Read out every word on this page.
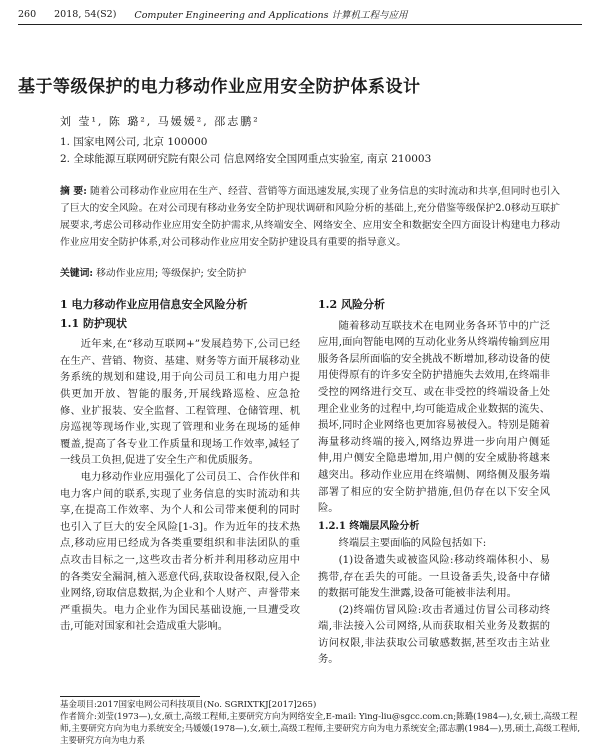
260 2018, 54(S2) Computer Engineering and Applications 计算机工程与应用
基于等级保护的电力移动作业应用安全防护体系设计
刘 莹¹, 陈 璐², 马媛媛², 邵志鹏²
1. 国家电网公司, 北京 100000
2. 全球能源互联网研究院有限公司 信息网络安全国网重点实验室, 南京 210003
摘 要: 随着公司移动作业应用在生产、经营、营销等方面迅速发展,实现了业务信息的实时流动和共享,但同时也引入了巨大的安全风险。在对公司现有移动业务安全防护现状调研和风险分析的基础上,充分借鉴等级保护2.0移动互联扩展要求,考虑公司移动作业应用安全防护需求,从终端安全、网络安全、应用安全和数据安全四方面设计构建电力移动作业应用安全防护体系,对公司移动作业应用安全防护建设具有重要的指导意义。
关键词: 移动作业应用; 等级保护; 安全防护
1 电力移动作业应用信息安全风险分析
1.1 防护现状

近年来,在“移动互联网+”发展趋势下,公司已经在生产、营销、物资、基建、财务等方面开展移动业务系统的规划和建设,用于向公司员工和电力用户提供更加开放、智能的服务,开展线路巡检、应急抢修、业扩报装、安全监督、工程管理、仓储管理、机房巡视等现场作业,实现了管理和业务在现场的延伸覆盖,提高了各专业工作质量和现场工作效率,减轻了一线员工负担,促进了安全生产和优质服务。

电力移动作业应用强化了公司员工、合作伙伴和电力客户间的联系,实现了业务信息的实时流动和共享,在提高工作效率、为个人和公司带来便利的同时也引入了巨大的安全风险[1-3]。作为近年的技术热点,移动应用已经成为各类重要组织和非法团队的重点攻击目标之一,这些攻击者分析并利用移动应用中的各类安全漏洞,植入恶意代码,获取设备权限,侵入企业网络,窃取信息数据,为企业和个人财产、声誉带来严重损失。电力企业作为国民基础设施,一旦遭受攻击,可能对国家和社会造成重大影响。

1.2 风险分析

随着移动互联技术在电网业务各环节中的广泛应用,面向智能电网的互动化业务从终端传输到应用服务各层所面临的安全挑战不断增加,移动设备的使用使得原有的许多安全防护措施失去效用,在终端非受控的网络进行交互、或在非受控的终端设备上处理企业业务的过程中,均可能造成企业数据的流失、损坏,同时企业网络也更加容易被侵入。特别是随着海量移动终端的接入,网络边界进一步向用户侧延伸,用户侧安全隐患增加,用户侧的安全威胁将越来越突出。移动作业应用在终端侧、网络侧及服务端部署了相应的安全防护措施,但仍存在以下安全风险。

1.2.1 终端层风险分析

终端层主要面临的风险包括如下:

(1)设备遗失或被盗风险:移动终端体积小、易携带,存在丢失的可能。一旦设备丢失,设备中存储的数据可能发生泄露,设备可能被非法利用。

(2)终端仿冒风险:攻击者通过仿冒公司移动终端,非法接入公司网络,从而获取相关业务及数据的访问权限,非法获取公司敏感数据,甚至攻击主站业务。

基金项目:2017国家电网公司科技项目(No. SGRIXTKJ[2017]265)
作者简介:刘莹(1973—),女,硕士,高级工程师,主要研究方向为网络安全,E-mail: Ying-liu@sgcc.com.cn;陈璐(1984—),女,硕士,高级工程师,主要研究方向为电力系统安全;马媛媛(1978—),女,硕士,高级工程师,主要研究方向为电力系统安全;邵志鹏(1984—),男,硕士,高级工程师,主要研究方向为电力系
